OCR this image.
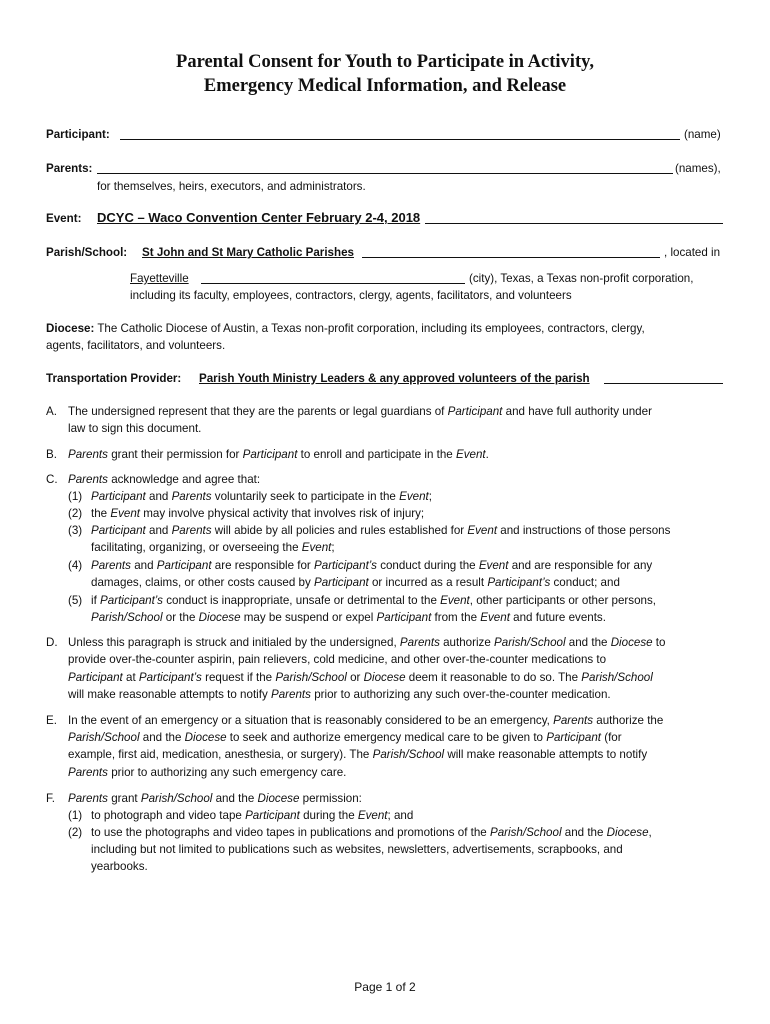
Parental Consent for Youth to Participate in Activity,
Emergency Medical Information, and Release
Participant:	(name)
Parents:	(names),
for themselves, heirs, executors, and administrators.
Event: DCYC – Waco Convention Center February 2-4, 2018
Parish/School: St John and St Mary Catholic Parishes	, located in
Fayetteville	(city), Texas, a Texas non-profit corporation,
including its faculty, employees, contractors, clergy, agents, facilitators, and volunteers
Diocese: The Catholic Diocese of Austin, a Texas non-profit corporation, including its employees, contractors, clergy,
agents, facilitators, and volunteers.
Transportation Provider: Parish Youth Ministry Leaders & any approved volunteers of the parish
A. The undersigned represent that they are the parents or legal guardians of Participant and have full authority under
law to sign this document.
B. Parents grant their permission for Participant to enroll and participate in the Event.
C. Parents acknowledge and agree that:
(1) Participant and Parents voluntarily seek to participate in the Event;
(2) the Event may involve physical activity that involves risk of injury;
(3) Participant and Parents will abide by all policies and rules established for Event and instructions of those persons
facilitating, organizing, or overseeing the Event;
(4) Parents and Participant are responsible for Participant’s conduct during the Event and are responsible for any
damages, claims, or other costs caused by Participant or incurred as a result Participant’s conduct; and
(5) if Participant’s conduct is inappropriate, unsafe or detrimental to the Event, other participants or other persons,
Parish/School or the Diocese may be suspend or expel Participant from the Event and future events.
D. Unless this paragraph is struck and initialed by the undersigned, Parents authorize Parish/School and the Diocese to
provide over-the-counter aspirin, pain relievers, cold medicine, and other over-the-counter medications to
Participant at Participant’s request if the Parish/School or Diocese deem it reasonable to do so. The Parish/School
will make reasonable attempts to notify Parents prior to authorizing any such over-the-counter medication.
E. In the event of an emergency or a situation that is reasonably considered to be an emergency, Parents authorize the
Parish/School and the Diocese to seek and authorize emergency medical care to be given to Participant (for
example, first aid, medication, anesthesia, or surgery). The Parish/School will make reasonable attempts to notify
Parents prior to authorizing any such emergency care.
F. Parents grant Parish/School and the Diocese permission:
(1) to photograph and video tape Participant during the Event; and
(2) to use the photographs and video tapes in publications and promotions of the Parish/School and the Diocese,
including but not limited to publications such as websites, newsletters, advertisements, scrapbooks, and
yearbooks.
Page 1 of 2
